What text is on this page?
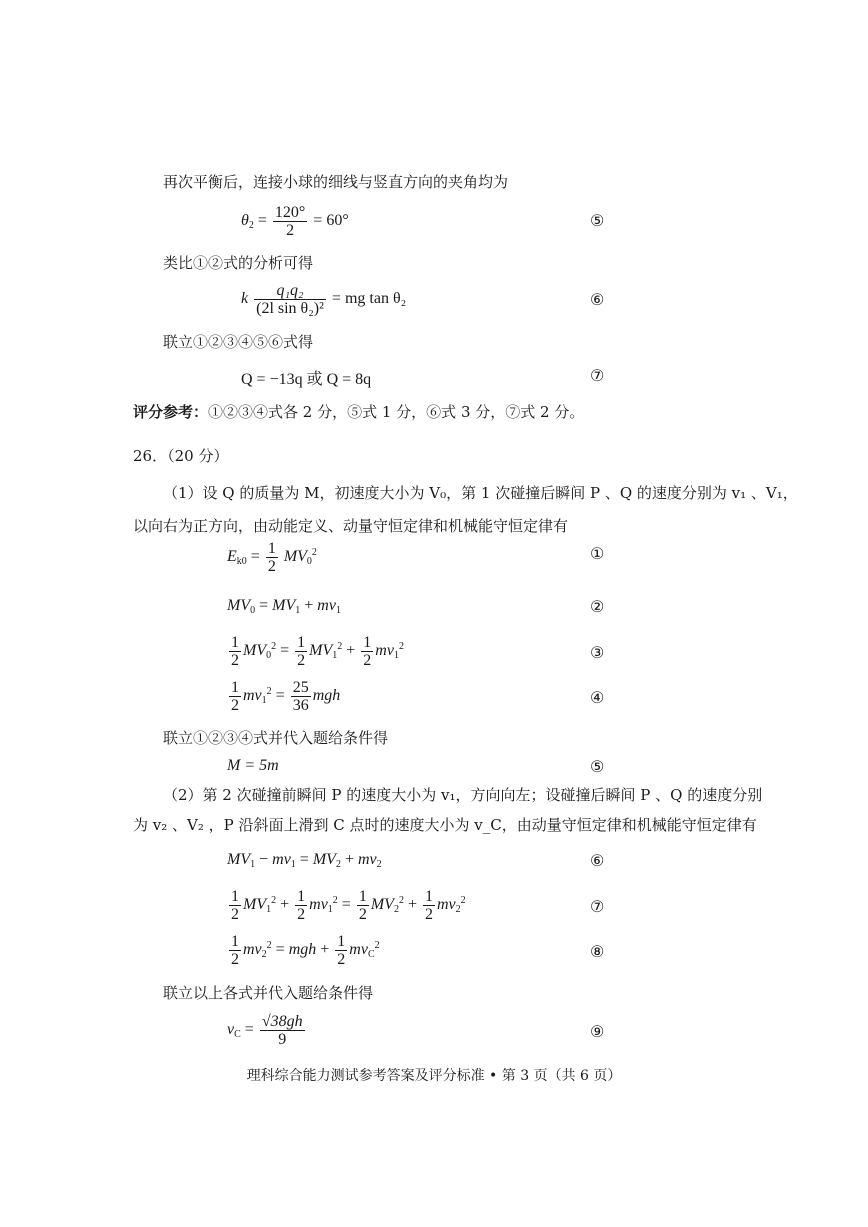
再次平衡后，连接小球的细线与竖直方向的夹角均为
$\theta_2 = \frac{120^\circ}{2} = 60^\circ$	⑤
类比①②式的分析可得
k $\frac{\text{q₁q₂}}{\text{(2l sin θ₂)²}}$ = mg tan θ₂	⑥
联立①②③④⑤⑥式得
Q = −13q 或 Q = 8q	⑦
评分参考：①②③④式各 2 分，⑤式 1 分，⑥式 3 分，⑦式 2 分。
26．（20 分）
（1）设 Q 的质量为 M，初速度大小为 V₀，第 1 次碰撞后瞬间 P 、Q 的速度分别为 v₁ 、V₁，
以向右为正方向，由动能定义、动量守恒定律和机械能守恒定律有
$E_{k0} = \frac{1}{2} MV_0^2$	①
$MV_0 = MV_1 + mv_1$	②
$\frac{1}{2} MV_0^2 = \frac{1}{2} MV_1^2 + \frac{1}{2} mv_1^2$	③
$\frac{1}{2} mv_1^2 = \frac{25}{36}$ mgh	④
联立①②③④式并代入题给条件得
M = 5m	⑤
（2）第 2 次碰撞前瞬间 P 的速度大小为 v₁，方向向左；设碰撞后瞬间 P 、Q 的速度分别
为 v₂ 、V₂ ，P 沿斜面上滑到 C 点时的速度大小为 v_C，由动量守恒定律和机械能守恒定律有
$MV_1 - mv_1 = MV_2 + mv_2$	⑥
$\frac{1}{2} MV_1^2 + \frac{1}{2} mv_1^2 = \frac{1}{2} MV_2^2 + \frac{1}{2} mv_2^2$	⑦
$\frac{1}{2} mv_2^2$ = mgh + $\frac{1}{2} mv_C^2$	⑧
联立以上各式并代入题给条件得
$v_C = \frac{√38gh}{9}$	⑨
理科综合能力测试参考答案及评分标准 • 第 3 页（共 6 页）
